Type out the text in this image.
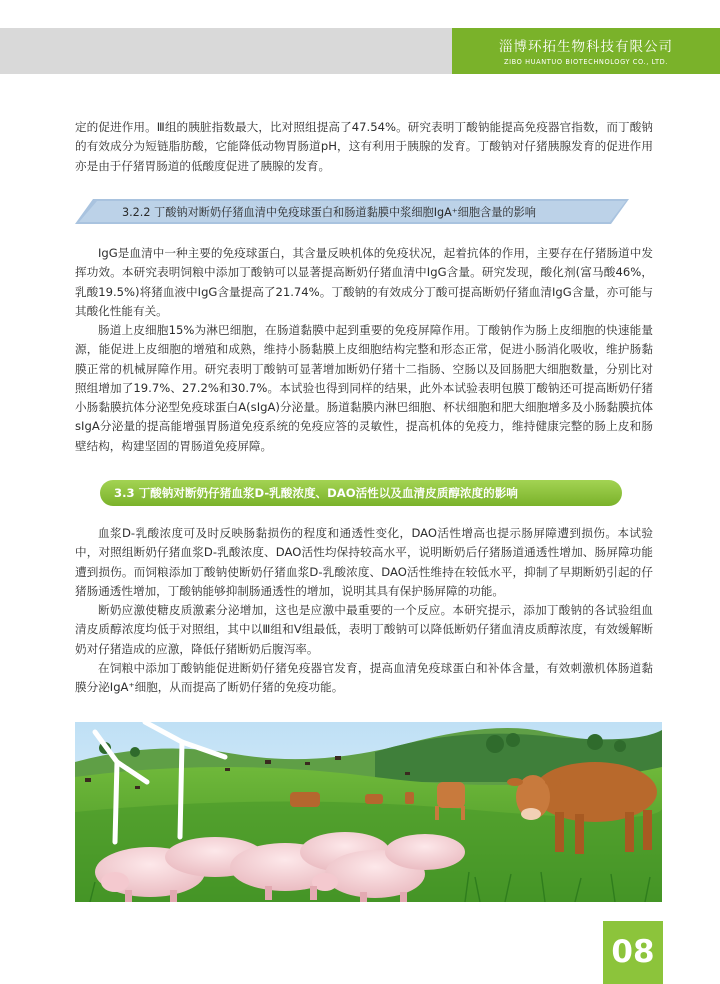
淄博环拓生物科技有限公司
ZIBO HUANTUO BIOTECHNOLOGY CO., LTD.
定的促进作用。Ⅲ组的胰脏指数最大，比对照组提高了47.54%。研究表明丁酸钠能提高免疫器官指数，而丁酸钠的有效成分为短链脂肪酸，它能降低动物胃肠道pH，这有利用于胰腺的发育。丁酸钠对仔猪胰腺发育的促进作用亦是由于仔猪胃肠道的低酸度促进了胰腺的发育。
3.2.2 丁酸钠对断奶仔猪血清中免疫球蛋白和肠道黏膜中浆细胞IgA⁺细胞含量的影响
IgG是血清中一种主要的免疫球蛋白，其含量反映机体的免疫状况，起着抗体的作用，主要存在仔猪肠道中发挥功效。本研究表明饲粮中添加丁酸钠可以显著提高断奶仔猪血清中IgG含量。研究发现，酸化剂(富马酸46%，乳酸19.5%)将猪血液中IgG含量提高了21.74%。丁酸钠的有效成分丁酸可提高断奶仔猪血清IgG含量，亦可能与其酸化性能有关。
肠道上皮细胞15%为淋巴细胞，在肠道黏膜中起到重要的免疫屏障作用。丁酸钠作为肠上皮细胞的快速能量源，能促进上皮细胞的增殖和成熟，维持小肠黏膜上皮细胞结构完整和形态正常，促进小肠消化吸收，维护肠黏膜正常的机械屏障作用。研究表明丁酸钠可显著增加断奶仔猪十二指肠、空肠以及回肠肥大细胞数量，分别比对照组增加了19.7%、27.2%和30.7%。本试验也得到同样的结果，此外本试验表明包膜丁酸钠还可提高断奶仔猪小肠黏膜抗体分泌型免疫球蛋白A(sIgA)分泌量。肠道黏膜内淋巴细胞、杯状细胞和肥大细胞增多及小肠黏膜抗体sIgA分泌量的提高能增强胃肠道免疫系统的免疫应答的灵敏性，提高机体的免疫力，维持健康完整的肠上皮和肠壁结构，构建坚固的胃肠道免疫屏障。
3.3 丁酸钠对断奶仔猪血浆D-乳酸浓度、DAO活性以及血清皮质醇浓度的影响
血浆D-乳酸浓度可及时反映肠黏损伤的程度和通透性变化，DAO活性增高也提示肠屏障遭到损伤。本试验中，对照组断奶仔猪血浆D-乳酸浓度、DAO活性均保持较高水平，说明断奶后仔猪肠道通透性增加、肠屏障功能遭到损伤。而饲粮添加丁酸钠使断奶仔猪血浆D-乳酸浓度、DAO活性维持在较低水平，抑制了早期断奶引起的仔猪肠通透性增加，丁酸钠能够抑制肠通透性的增加，说明其具有保护肠屏障的功能。
断奶应激使糖皮质激素分泌增加，这也是应激中最重要的一个反应。本研究提示，添加丁酸钠的各试验组血清皮质醇浓度均低于对照组，其中以Ⅲ组和Ⅴ组最低，表明丁酸钠可以降低断奶仔猪血清皮质醇浓度，有效缓解断奶对仔猪造成的应激，降低仔猪断奶后腹泻率。
在饲粮中添加丁酸钠能促进断奶仔猪免疫器官发育，提高血清免疫球蛋白和补体含量，有效刺激机体肠道黏膜分泌IgA⁺细胞，从而提高了断奶仔猪的免疫功能。
08
